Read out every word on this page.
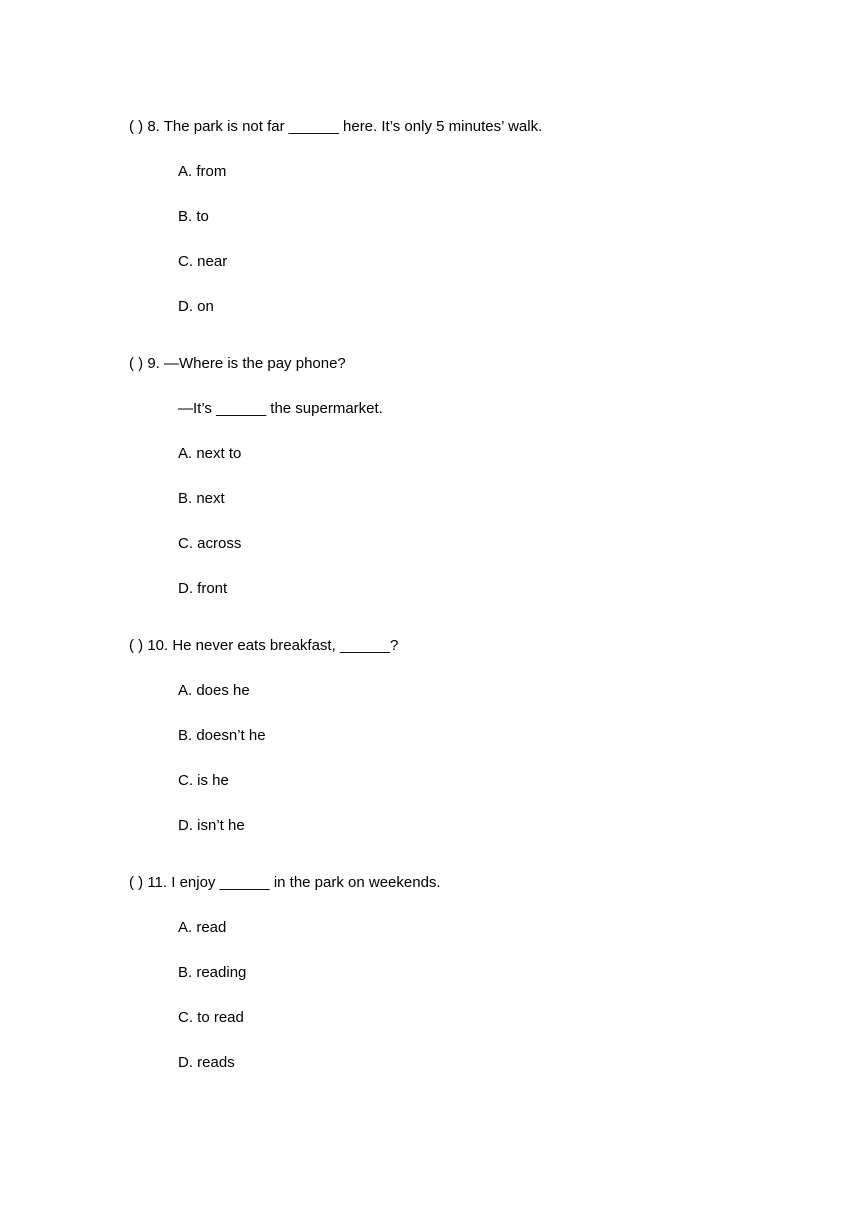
( ) 8. The park is not far ______ here. It’s only 5 minutes’ walk.
A. from
B. to
C. near
D. on
( ) 9. —Where is the pay phone?
—It’s ______ the supermarket.
A. next to
B. next
C. across
D. front
( ) 10. He never eats breakfast, ______?
A. does he
B. doesn’t he
C. is he
D. isn’t he
( ) 11. I enjoy ______ in the park on weekends.
A. read
B. reading
C. to read
D. reads
